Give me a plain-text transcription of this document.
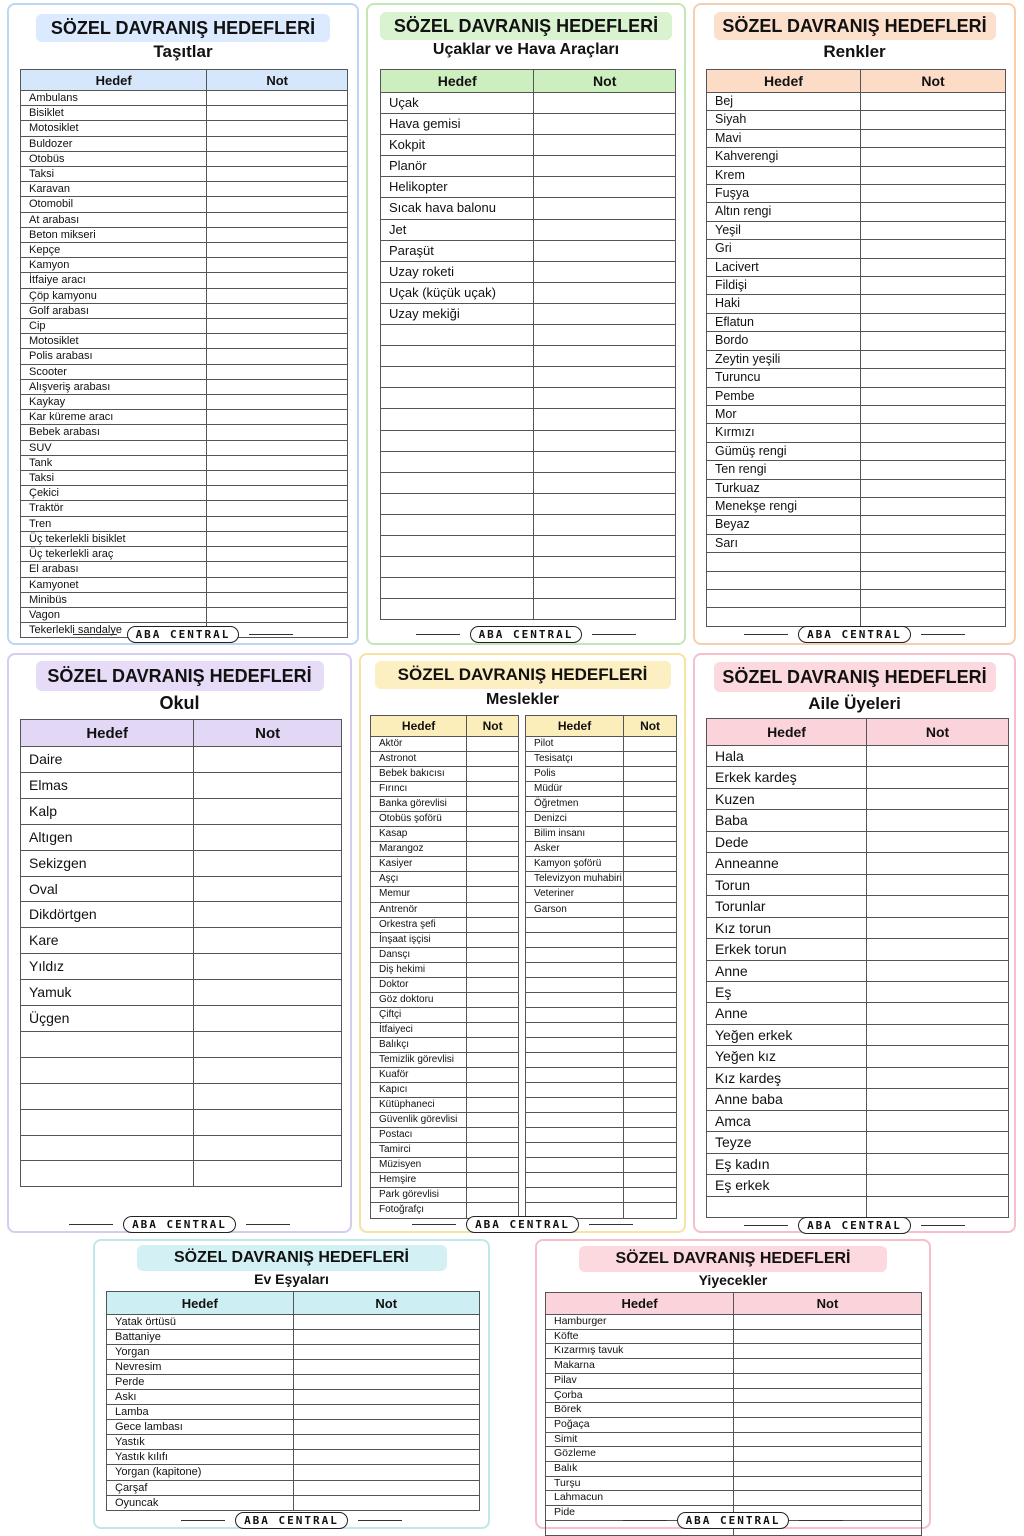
SÖZEL DAVRANIŞ HEDEFLERİ
Taşıtlar
Hedef	Not
Ambulans	
Bisiklet	
Motosiklet	
Buldozer	
Otobüs	
Taksi	
Karavan	
Otomobil	
At arabası	
Beton mikseri	
Kepçe	
Kamyon	
İtfaiye aracı	
Çöp kamyonu	
Golf arabası	
Cip	
Motosiklet	
Polis arabası	
Scooter	
Alışveriş arabası	
Kaykay	
Kar küreme aracı	
Bebek arabası	
SUV	
Tank	
Taksi	
Çekici	
Traktör	
Tren	
Üç tekerlekli bisiklet	
Üç tekerlekli araç	
El arabası	
Kamyonet	
Minibüs	
Vagon	
Tekerlekli sandalye		ABA CENTRAL
SÖZEL DAVRANIŞ HEDEFLERİ
Uçaklar ve Hava Araçları
Hedef	Not
Uçak	
Hava gemisi	
Kokpit	
Planör	
Helikopter	
Sıcak hava balonu	
Jet	
Paraşüt	
Uzay roketi	
Uçak (küçük uçak)	
Uzay mekiği	

ABA CENTRAL
SÖZEL DAVRANIŞ HEDEFLERİ
Renkler
Hedef	Not
Bej	
Siyah	
Mavi	
Kahverengi	
Krem	
Fuşya	
Altın rengi	
Yeşil	
Gri	
Lacivert	
Fildişi	
Haki	
Eflatun	
Bordo	
Zeytin yeşili	
Turuncu	
Pembe	
Mor	
Kırmızı	
Gümüş rengi	
Ten rengi	
Turkuaz	
Menekşe rengi	
Beyaz	
Sarı	

ABA CENTRAL
SÖZEL DAVRANIŞ HEDEFLERİ
Okul
Hedef	Not
Daire	
Elmas	
Kalp	
Altıgen	
Sekizgen	
Oval	
Dikdörtgen	
Kare	
Yıldız	
Yamuk	
Üçgen	

ABA CENTRAL
SÖZEL DAVRANIŞ HEDEFLERİ
Meslekler
Hedef	Not
Aktör	
Astronot	
Bebek bakıcısı	
Fırıncı	
Banka görevlisi	
Otobüs şoförü	
Kasap	
Marangoz	
Kasiyer	
Aşçı	
Memur	
Antrenör	
Orkestra şefi	
İnşaat işçisi	
Dansçı	
Diş hekimi	
Doktor	
Göz doktoru	
Çiftçi	
İtfaiyeci	
Balıkçı	
Temizlik görevlisi	
Kuaför	
Kapıcı	
Kütüphaneci	
Güvenlik görevlisi	
Postacı	
Tamirci	
Müzisyen	
Hemşire	
Park görevlisi	
Fotoğrafçı	
Hedef	Not
Pilot	
Tesisatçı	
Polis	
Müdür	
Öğretmen	
Denizci	
Bilim insanı	
Asker	
Kamyon şoförü	
Televizyon muhabiri	
Veteriner	
Garson	

ABA CENTRAL
SÖZEL DAVRANIŞ HEDEFLERİ
Aile Üyeleri
Hedef	Not
Hala	
Erkek kardeş	
Kuzen	
Baba	
Dede	
Anneanne	
Torun	
Torunlar	
Kız torun	
Erkek torun	
Anne	
Eş	
Anne	
Yeğen erkek	
Yeğen kız	
Kız kardeş	
Anne baba	
Amca	
Teyze	
Eş kadın	
Eş erkek	

ABA CENTRAL
SÖZEL DAVRANIŞ HEDEFLERİ
Ev Eşyaları
Hedef	Not
Yatak örtüsü	
Battaniye	
Yorgan	
Nevresim	
Perde	
Askı	
Lamba	
Gece lambası	
Yastık	
Yastık kılıfı	
Yorgan (kapitone)	
Çarşaf	
Oyuncak	
ABA CENTRAL
SÖZEL DAVRANIŞ HEDEFLERİ
Yiyecekler
Hedef	Not
Hamburger	
Köfte	
Kızarmış tavuk	
Makarna	
Pilav	
Çorba	
Börek	
Poğaça	
Simit	
Gözleme	
Balık	
Turşu	
Lahmacun	
Pide	

ABA CENTRAL
